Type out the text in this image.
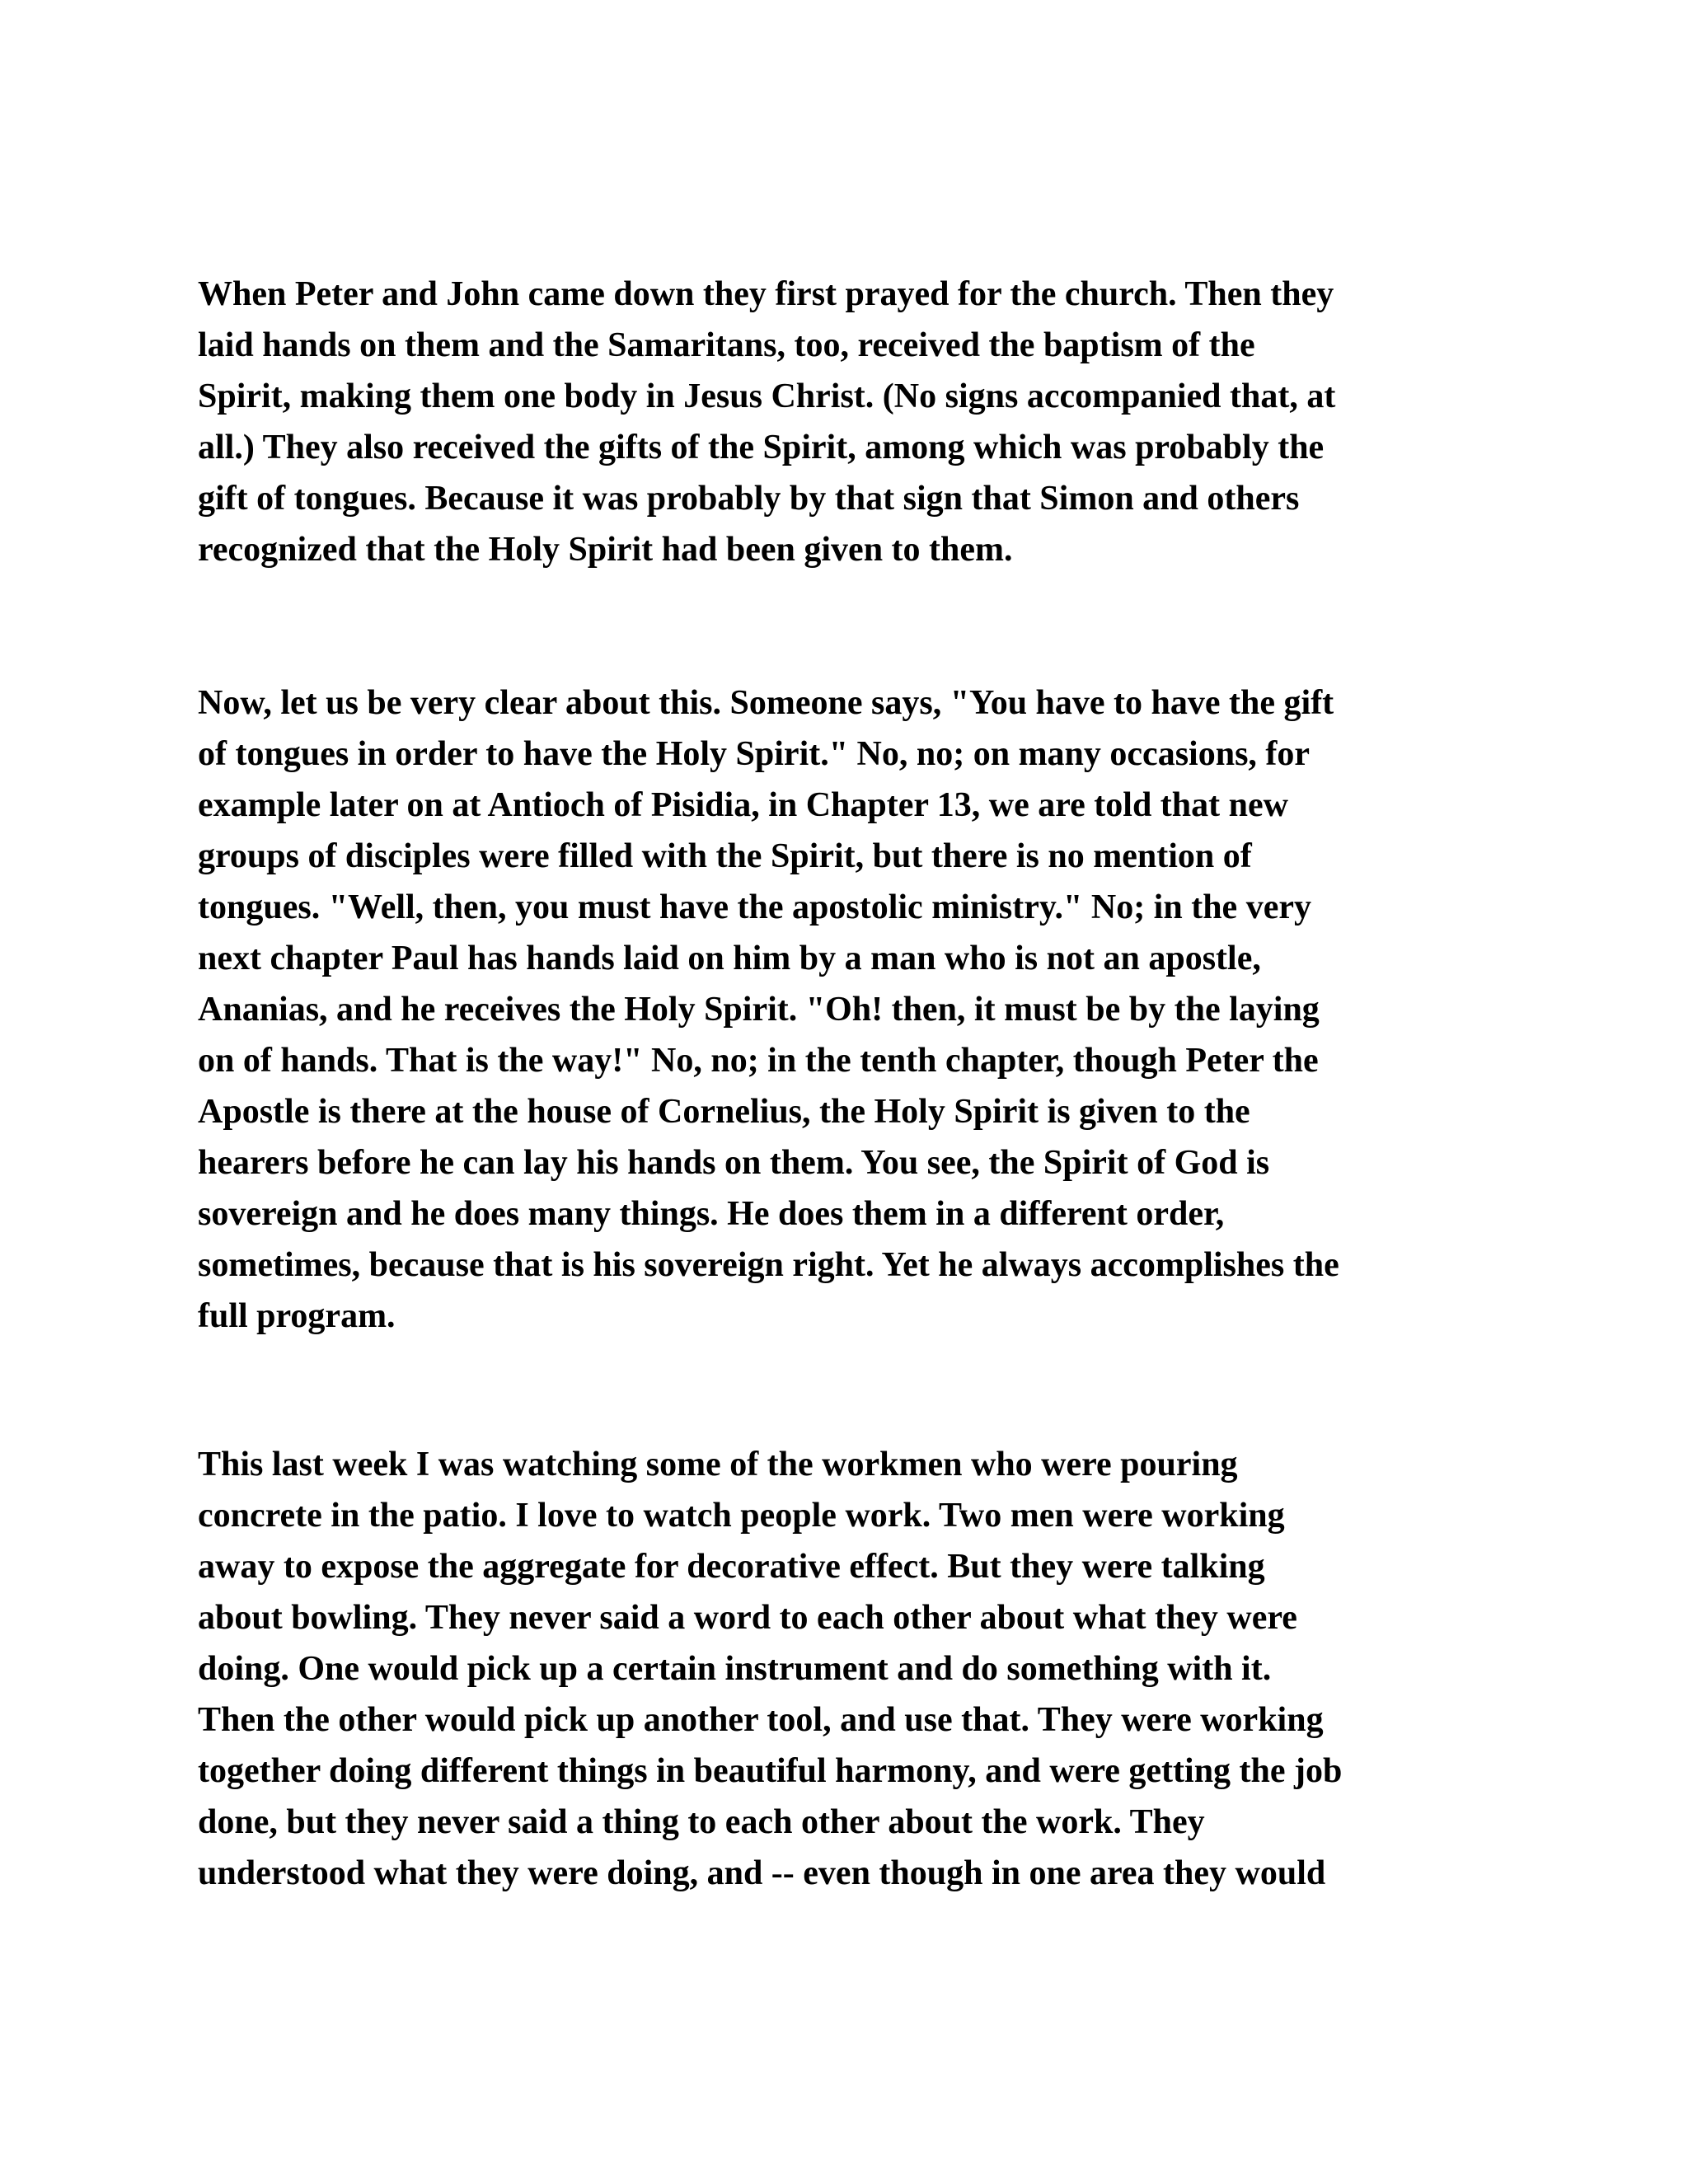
When Peter and John came down they first prayed for the church. Then they
laid hands on them and the Samaritans, too, received the baptism of the
Spirit, making them one body in Jesus Christ. (No signs accompanied that, at
all.) They also received the gifts of the Spirit, among which was probably the
gift of tongues. Because it was probably by that sign that Simon and others
recognized that the Holy Spirit had been given to them.

Now, let us be very clear about this. Someone says, "You have to have the gift
of tongues in order to have the Holy Spirit." No, no; on many occasions, for
example later on at Antioch of Pisidia, in Chapter 13, we are told that new
groups of disciples were filled with the Spirit, but there is no mention of
tongues. "Well, then, you must have the apostolic ministry." No; in the very
next chapter Paul has hands laid on him by a man who is not an apostle,
Ananias, and he receives the Holy Spirit. "Oh! then, it must be by the laying
on of hands. That is the way!" No, no; in the tenth chapter, though Peter the
Apostle is there at the house of Cornelius, the Holy Spirit is given to the
hearers before he can lay his hands on them. You see, the Spirit of God is
sovereign and he does many things. He does them in a different order,
sometimes, because that is his sovereign right. Yet he always accomplishes the
full program.

This last week I was watching some of the workmen who were pouring
concrete in the patio. I love to watch people work. Two men were working
away to expose the aggregate for decorative effect. But they were talking
about bowling. They never said a word to each other about what they were
doing. One would pick up a certain instrument and do something with it.
Then the other would pick up another tool, and use that. They were working
together doing different things in beautiful harmony, and were getting the job
done, but they never said a thing to each other about the work. They
understood what they were doing, and -- even though in one area they would
